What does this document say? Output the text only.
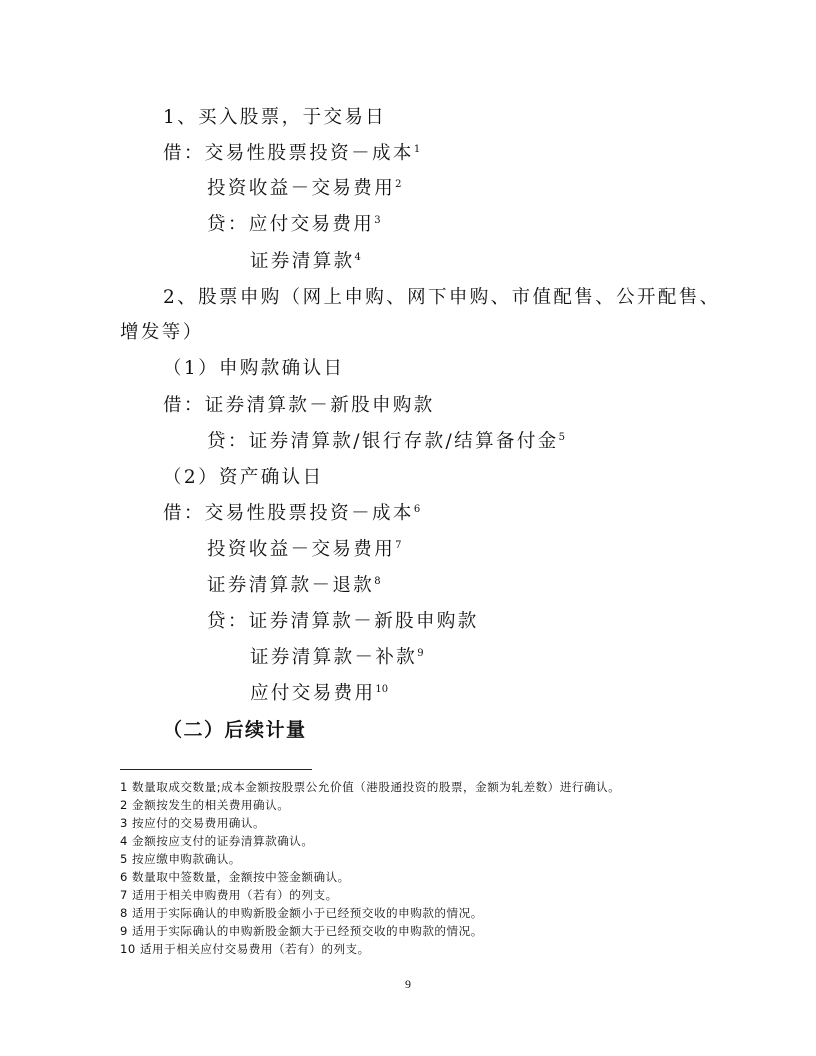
1、买入股票，于交易日
借：交易性股票投资－成本$^1$
投资收益－交易费用$^2$
贷：应付交易费用$^3$
证券清算款$^4$
2、股票申购（网上申购、网下申购、市值配售、公开配售、
增发等）
（1）申购款确认日
借：证券清算款－新股申购款
贷：证券清算款/银行存款/结算备付金$^5$
（2）资产确认日
借：交易性股票投资－成本$^6$
投资收益－交易费用$^7$
证券清算款－退款$^8$
贷：证券清算款－新股申购款
证券清算款－补款$^9$
应付交易费用$^{10}$
（二）后续计量
1 数量取成交数量;成本金额按股票公允价值（港股通投资的股票，金额为轧差数）进行确认。
2 金额按发生的相关费用确认。
3 按应付的交易费用确认。
4 金额按应支付的证券清算款确认。
5 按应缴申购款确认。
6 数量取中签数量，金额按中签金额确认。
7 适用于相关申购费用（若有）的列支。
8 适用于实际确认的申购新股金额小于已经预交收的申购款的情况。
9 适用于实际确认的申购新股金额大于已经预交收的申购款的情况。
10 适用于相关应付交易费用（若有）的列支。
9
